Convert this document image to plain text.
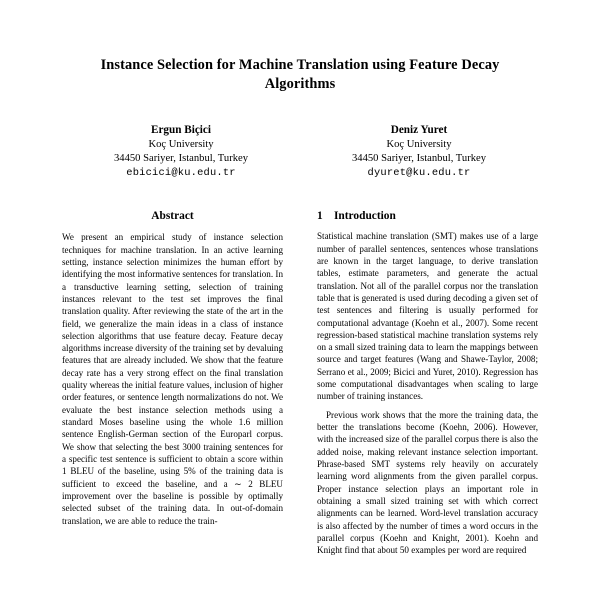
Instance Selection for Machine Translation using Feature Decay Algorithms
Ergun Biçici
Koç University
34450 Sariyer, Istanbul, Turkey
ebicici@ku.edu.tr
Deniz Yuret
Koç University
34450 Sariyer, Istanbul, Turkey
dyuret@ku.edu.tr
Abstract

We present an empirical study of instance selection techniques for machine translation. In an active learning setting, instance selection minimizes the human effort by identifying the most informative sentences for translation. In a transductive learning setting, selection of training instances relevant to the test set improves the final translation quality. After reviewing the state of the art in the field, we generalize the main ideas in a class of instance selection algorithms that use feature decay. Feature decay algorithms increase diversity of the training set by devaluing features that are already included. We show that the feature decay rate has a very strong effect on the final translation quality whereas the initial feature values, inclusion of higher order features, or sentence length normalizations do not. We evaluate the best instance selection methods using a standard Moses baseline using the whole 1.6 million sentence English-German section of the Europarl corpus. We show that selecting the best 3000 training sentences for a specific test sentence is sufficient to obtain a score within 1 BLEU of the baseline, using 5% of the training data is sufficient to exceed the baseline, and a ∼ 2 BLEU improvement over the baseline is possible by optimally selected subset of the training data. In out-of-domain translation, we are able to reduce the train-

1 Introduction

Statistical machine translation (SMT) makes use of a large number of parallel sentences, sentences whose translations are known in the target language, to derive translation tables, estimate parameters, and generate the actual translation. Not all of the parallel corpus nor the translation table that is generated is used during decoding a given set of test sentences and filtering is usually performed for computational advantage (Koehn et al., 2007). Some recent regression-based statistical machine translation systems rely on a small sized training data to learn the mappings between source and target features (Wang and Shawe-Taylor, 2008; Serrano et al., 2009; Bicici and Yuret, 2010). Regression has some computational disadvantages when scaling to large number of training instances.

Previous work shows that the more the training data, the better the translations become (Koehn, 2006). However, with the increased size of the parallel corpus there is also the added noise, making relevant instance selection important. Phrase-based SMT systems rely heavily on accurately learning word alignments from the given parallel corpus. Proper instance selection plays an important role in obtaining a small sized training set with which correct alignments can be learned. Word-level translation accuracy is also affected by the number of times a word occurs in the parallel corpus (Koehn and Knight, 2001). Koehn and Knight find that about 50 examples per word are required
